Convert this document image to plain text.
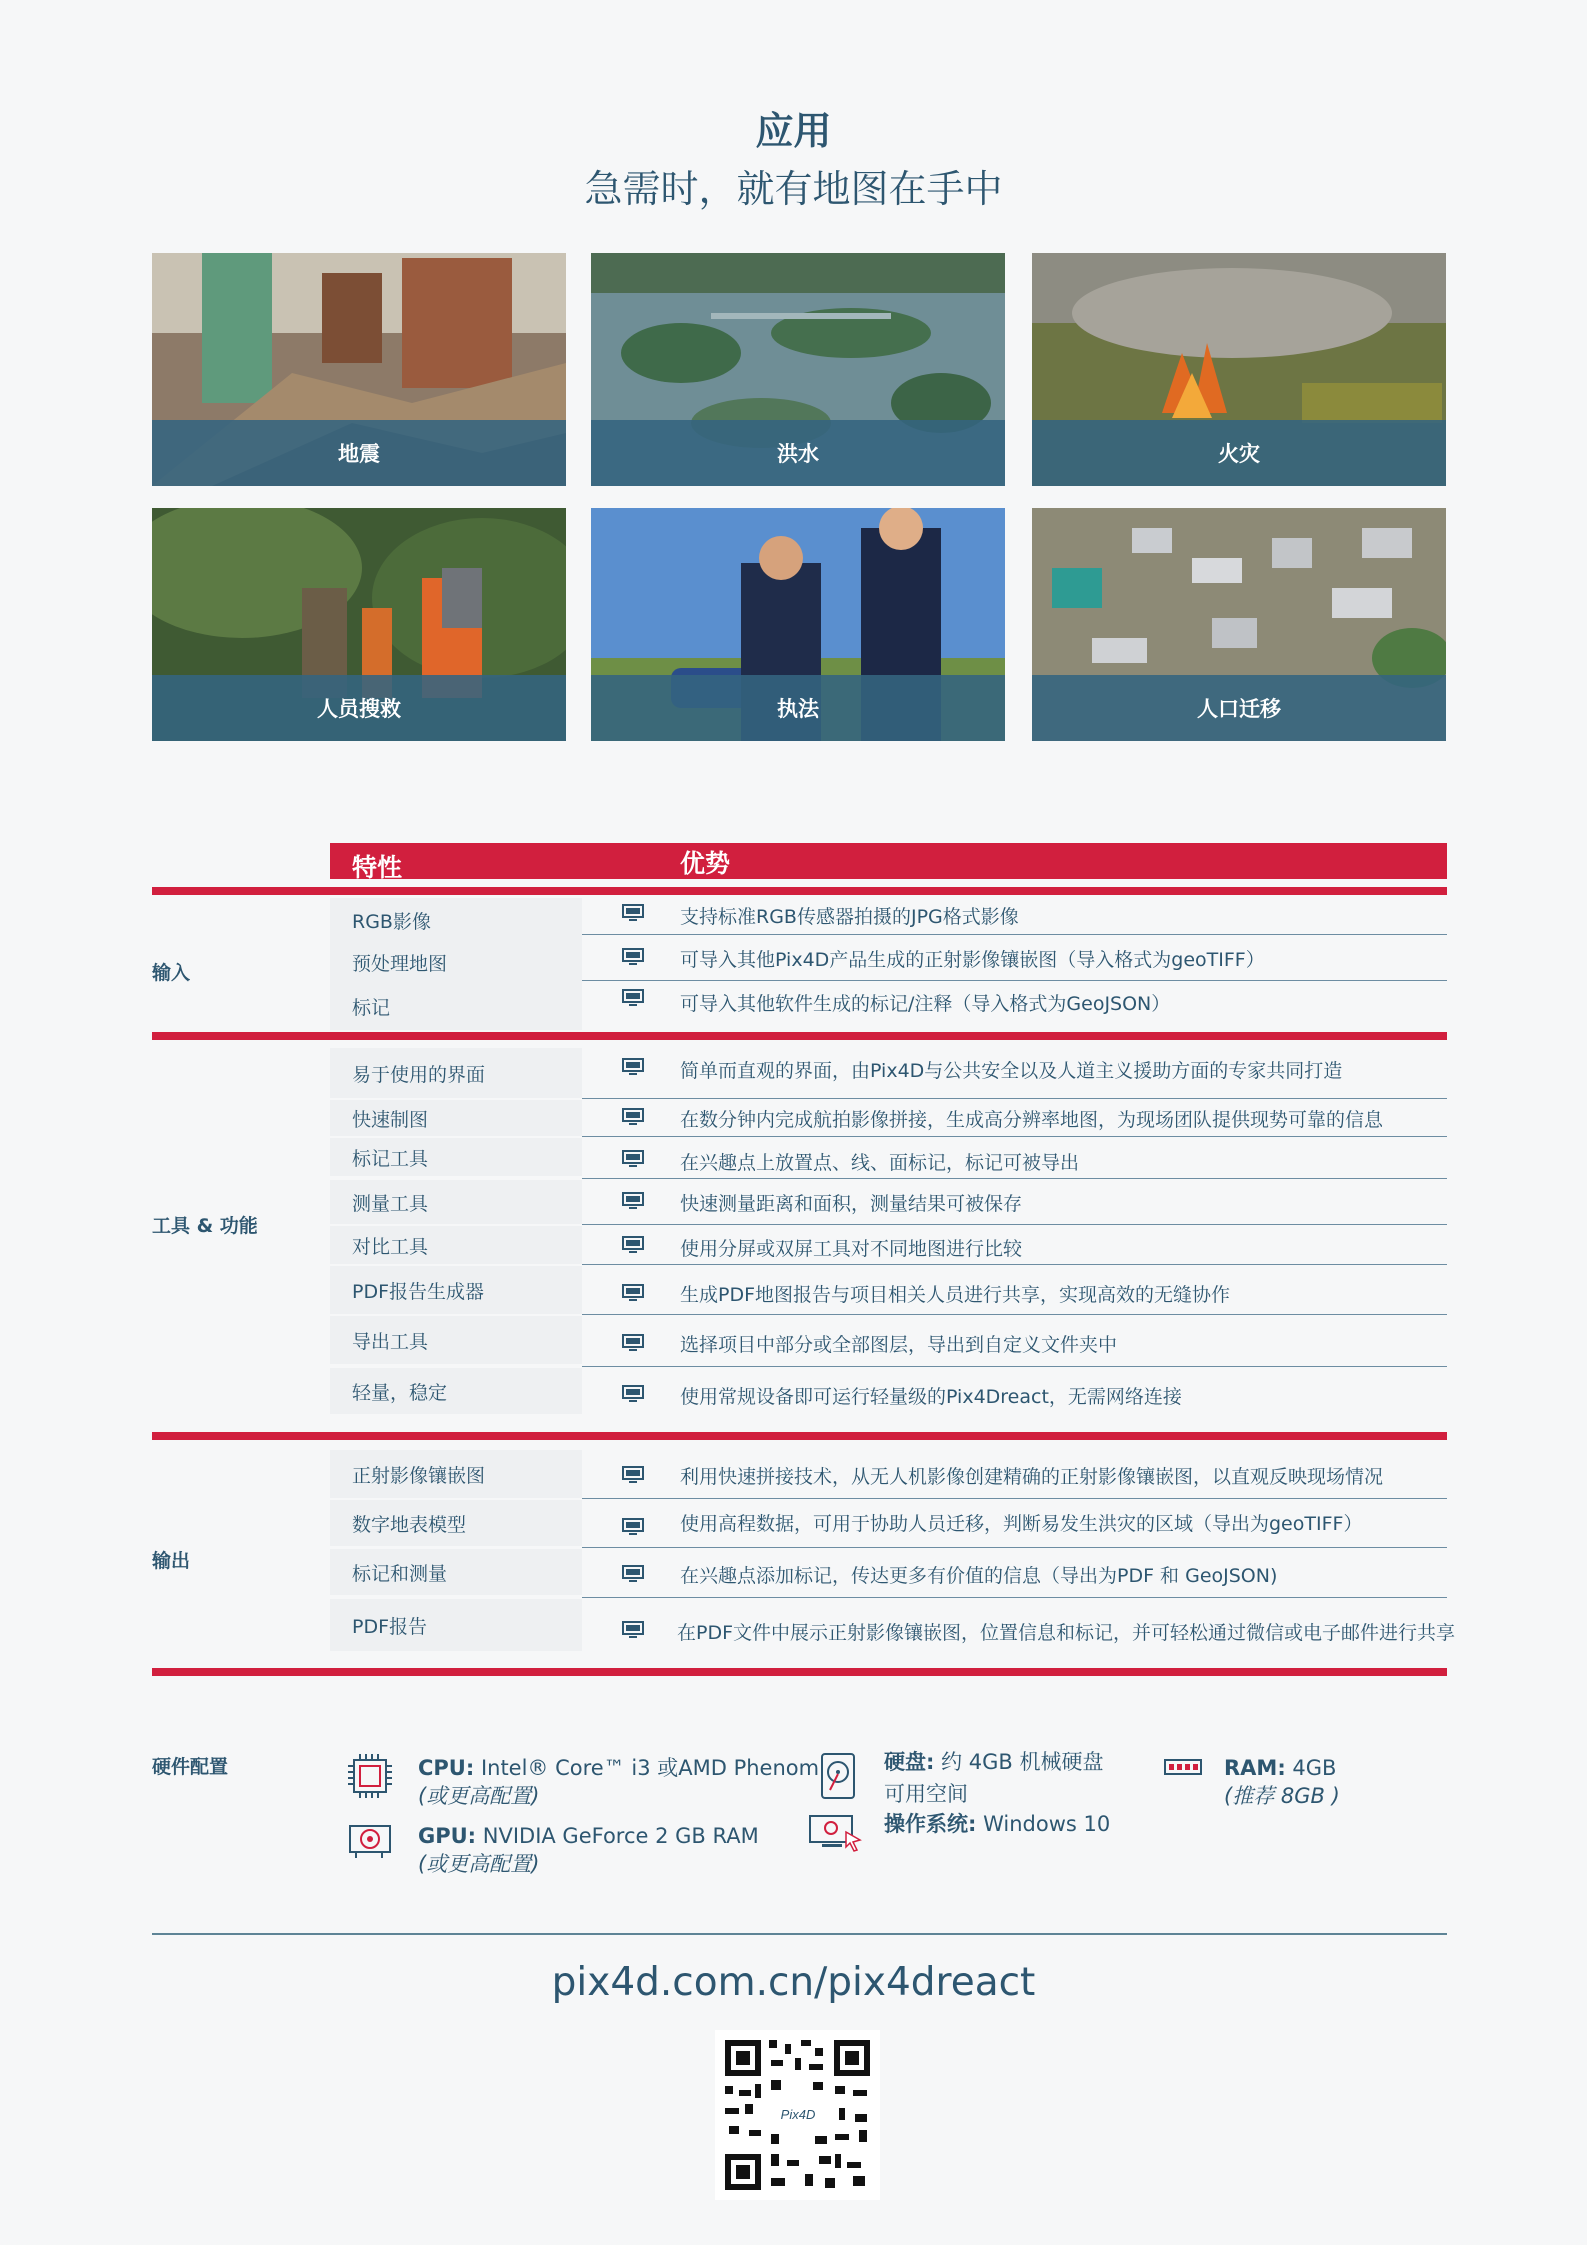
应用
急需时，就有地图在手中
地震	洪水	火灾
人员搜救	执法	人口迁移
特性	优势
输入
RGB影像	支持标准RGB传感器拍摄的JPG格式影像
预处理地图	可导入其他Pix4D产品生成的正射影像镶嵌图（导入格式为geoTIFF）
标记	可导入其他软件生成的标记/注释（导入格式为GeoJSON）
工具 & 功能
易于使用的界面	简单而直观的界面，由Pix4D与公共安全以及人道主义援助方面的专家共同打造
快速制图	在数分钟内完成航拍影像拼接，生成高分辨率地图，为现场团队提供现势可靠的信息
标记工具	在兴趣点上放置点、线、面标记，标记可被导出
测量工具	快速测量距离和面积，测量结果可被保存
对比工具	使用分屏或双屏工具对不同地图进行比较
PDF报告生成器	生成PDF地图报告与项目相关人员进行共享，实现高效的无缝协作
导出工具	选择项目中部分或全部图层，导出到自定义文件夹中
轻量，稳定	使用常规设备即可运行轻量级的Pix4Dreact，无需网络连接
输出
正射影像镶嵌图	利用快速拼接技术，从无人机影像创建精确的正射影像镶嵌图，以直观反映现场情况
数字地表模型	使用高程数据，可用于协助人员迁移，判断易发生洪灾的区域（导出为geoTIFF）
标记和测量	在兴趣点添加标记，传达更多有价值的信息（导出为PDF 和 GeoJSON)
PDF报告	在PDF文件中展示正射影像镶嵌图，位置信息和标记，并可轻松通过微信或电子邮件进行共享
硬件配置	CPU: Intel® Core™ i3 或AMD Phenom
(或更高配置)
GPU: NVIDIA GeForce 2 GB RAM
(或更高配置)
硬盘: 约 4GB 机械硬盘
可用空间
操作系统: Windows 10
RAM: 4GB
(推荐 8GB )
pix4d.com.cn/pix4dreact
Pix4D
